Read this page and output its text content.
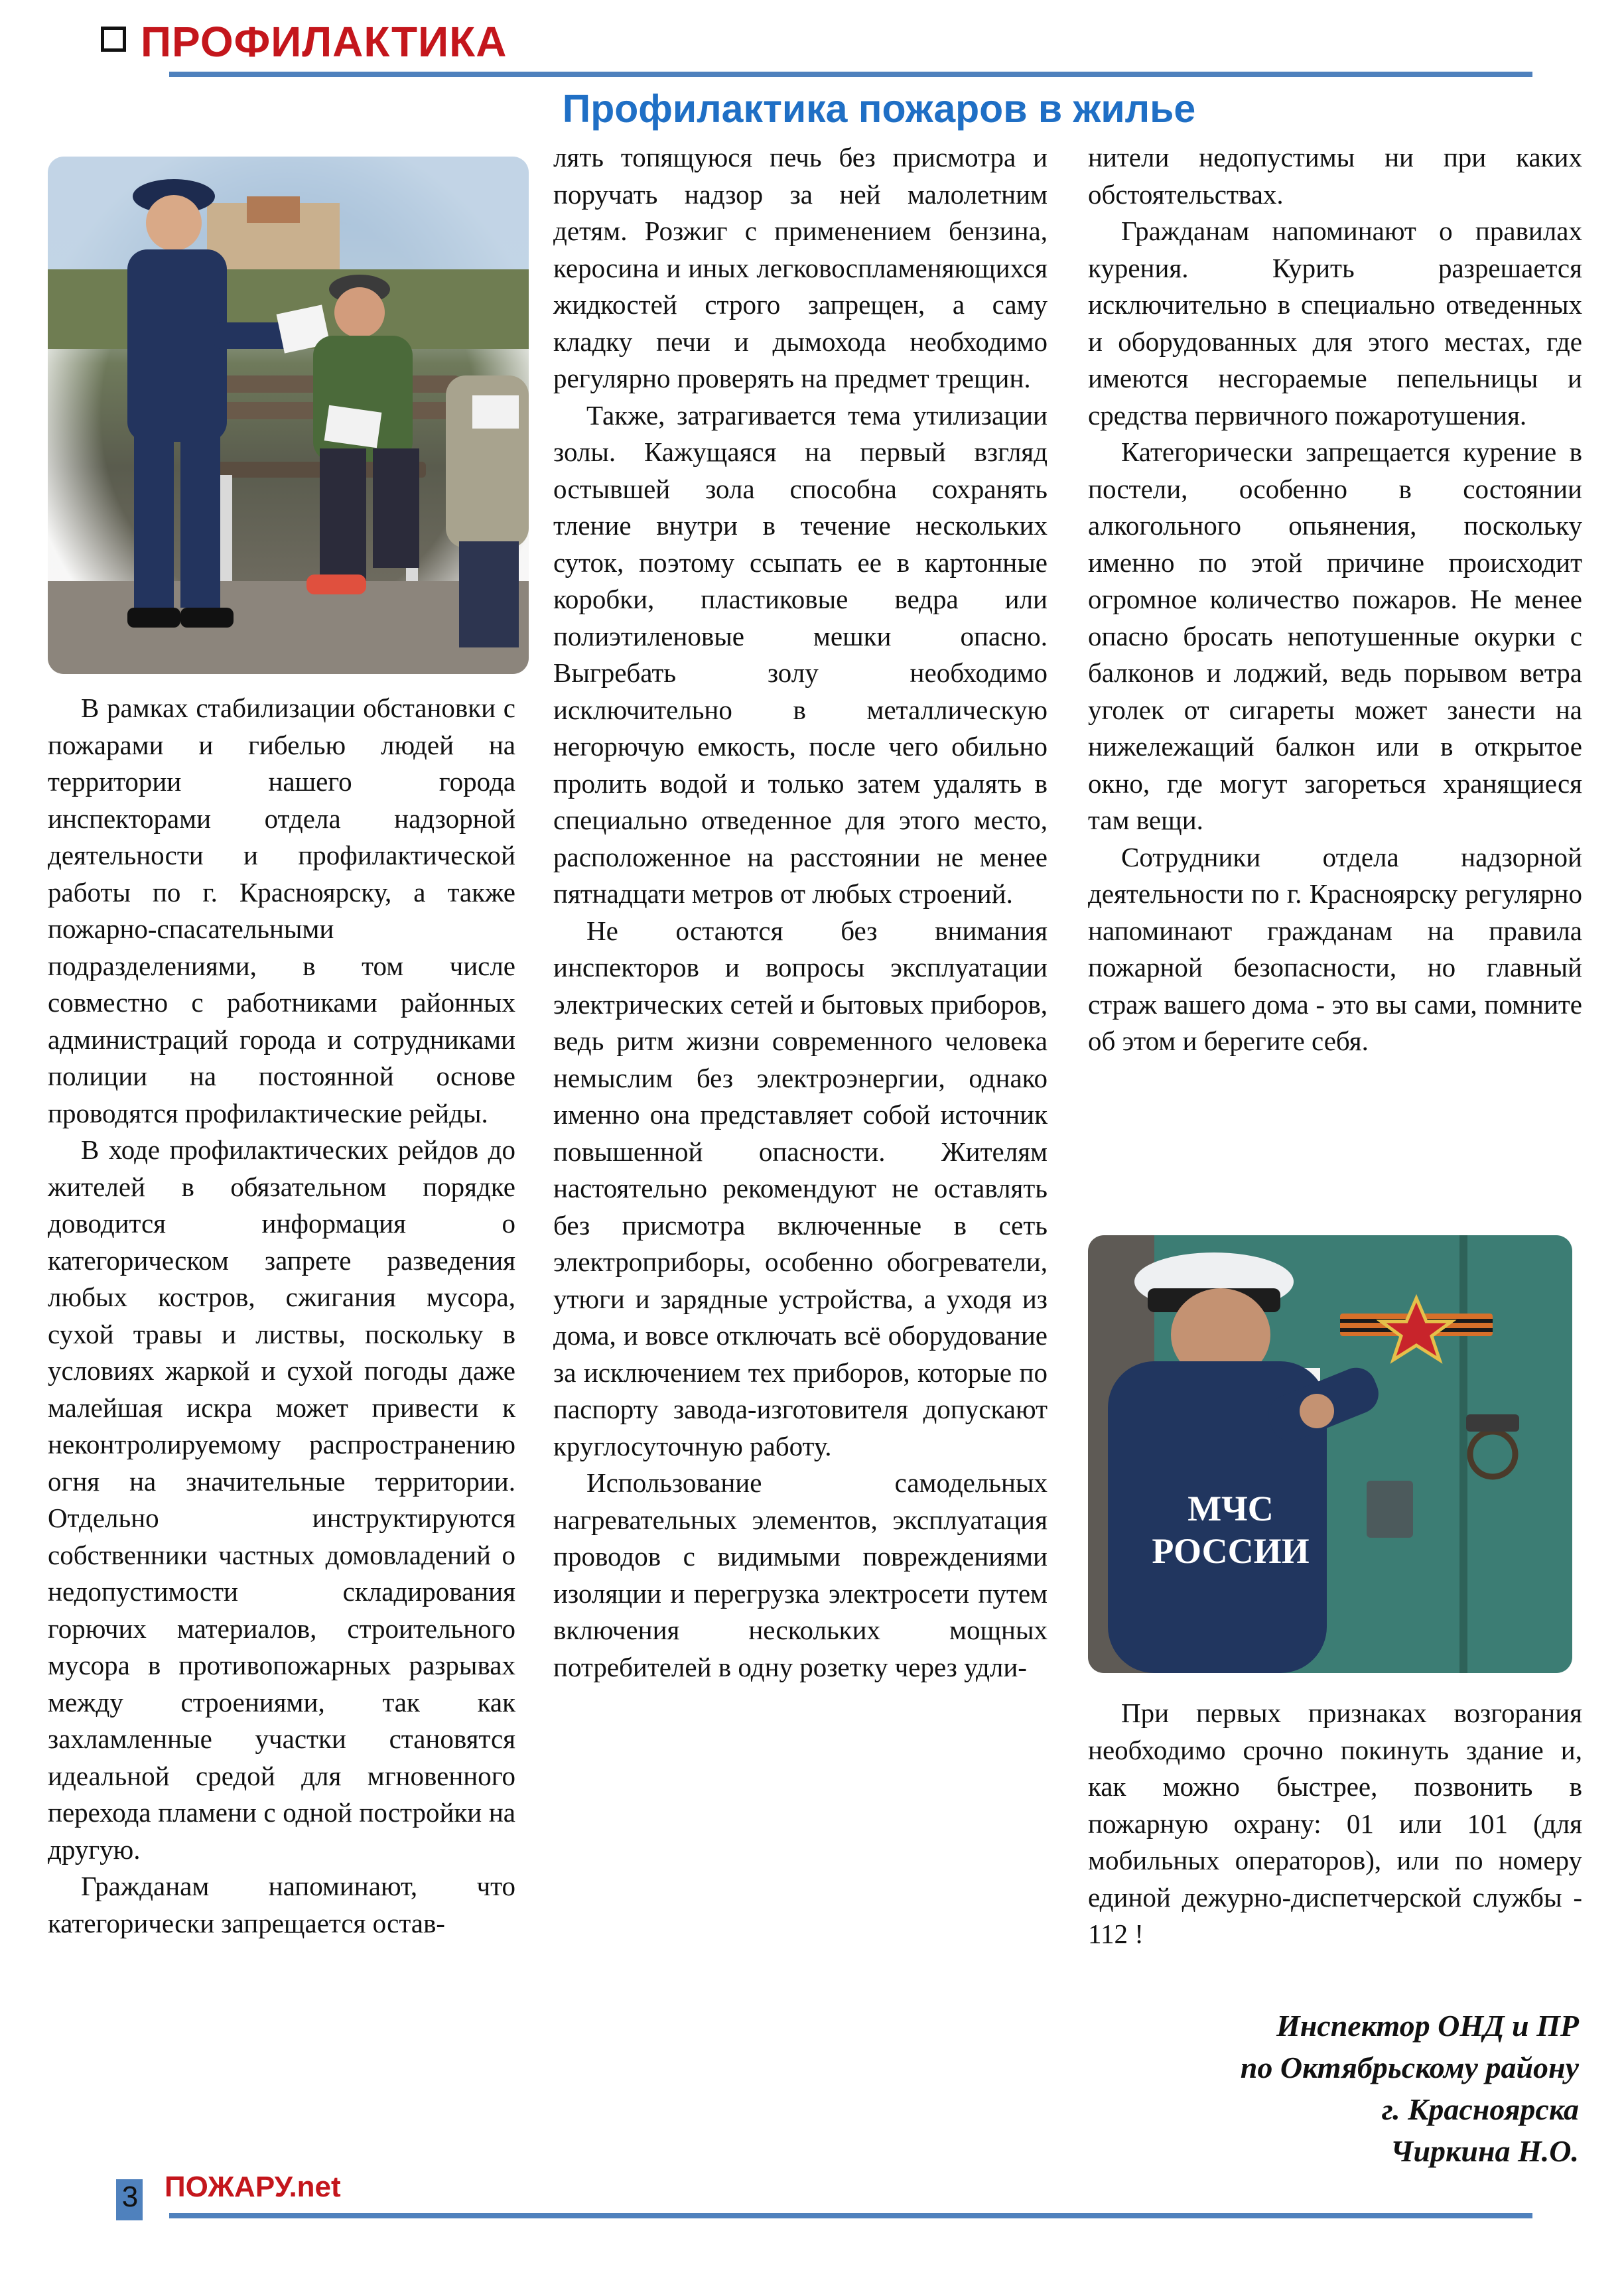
ПРОФИЛАКТИКА
Профилактика пожаров в жилье

В рамках стабилизации обстановки с пожарами и гибелью людей на территории нашего города инспекторами отдела надзорной деятельности и профилактической работы по г. Красноярску, а также пожарно-спасательными подразделениями, в том числе совместно с работниками районных администраций города и сотрудниками полиции на постоянной основе проводятся профилактические рейды.

В ходе профилактических рейдов до жителей в обязательном порядке доводится информация о категорическом запрете разведения любых костров, сжигания мусора, сухой травы и листвы, поскольку в условиях жаркой и сухой погоды даже малейшая искра может привести к неконтролируемому распространению огня на значительные территории. Отдельно инструктируются собственники частных домовладений о недопустимости складирования горючих материалов, строительного мусора в противопожарных разрывах между строениями, так как захламленные участки становятся идеальной средой для мгновенного перехода пламени с одной постройки на другую.

Гражданам напоминают, что категорически запрещается остав-

лять топящуюся печь без присмотра и поручать надзор за ней малолетним детям. Розжиг с применением бензина, керосина и иных легковоспламеняющихся жидкостей строго запрещен, а саму кладку печи и дымохода необходимо регулярно проверять на предмет трещин.

Также, затрагивается тема утилизации золы. Кажущаяся на первый взгляд остывшей зола способна сохранять тление внутри в течение нескольких суток, поэтому ссыпать ее в картонные коробки, пластиковые ведра или полиэтиленовые мешки опасно. Выгребать золу необходимо исключительно в металлическую негорючую емкость, после чего обильно пролить водой и только затем удалять в специально отведенное для этого место, расположенное на расстоянии не менее пятнадцати метров от любых строений.

Не остаются без внимания инспекторов и вопросы эксплуатации электрических сетей и бытовых приборов, ведь ритм жизни современного человека немыслим без электроэнергии, однако именно она представляет собой источник повышенной опасности. Жителям настоятельно рекомендуют не оставлять без присмотра включенные в сеть электроприборы, особенно обогреватели, утюги и зарядные устройства, а уходя из дома, и вовсе отключать всё оборудование за исключением тех приборов, которые по паспорту завода-изготовителя допускают круглосуточную работу.

Использование самодельных нагревательных элементов, эксплуатация проводов с видимыми повреждениями изоляции и перегрузка электросети путем включения нескольких мощных потребителей в одну розетку через удли-

нители недопустимы ни при каких обстоятельствах.

Гражданам напоминают о правилах курения. Курить разрешается исключительно в специально отведенных и оборудованных для этого местах, где имеются несгораемые пепельницы и средства первичного пожаротушения.

Категорически запрещается курение в постели, особенно в состоянии алкогольного опьянения, поскольку именно по этой причине происходит огромное количество пожаров. Не менее опасно бросать непотушенные окурки с балконов и лоджий, ведь порывом ветра уголек от сигареты может занести на нижележащий балкон или в открытое окно, где могут загореться хранящиеся там вещи.

Сотрудники отдела надзорной деятельности по г. Красноярску регулярно напоминают гражданам на правила пожарной безопасности, но главный страж вашего дома - это вы сами, помните об этом и берегите себя.

МЧС
РОССИИ

При первых признаках возгорания необходимо срочно покинуть здание и, как можно быстрее, позвонить в пожарную охрану: 01 или 101 (для мобильных операторов), или по номеру единой дежурно-диспетчерской службы - 112 !

Инспектор ОНД и ПР
по Октябрьскому району
г. Красноярска
Чиркина Н.О.
3 ПОЖАРУ.net
